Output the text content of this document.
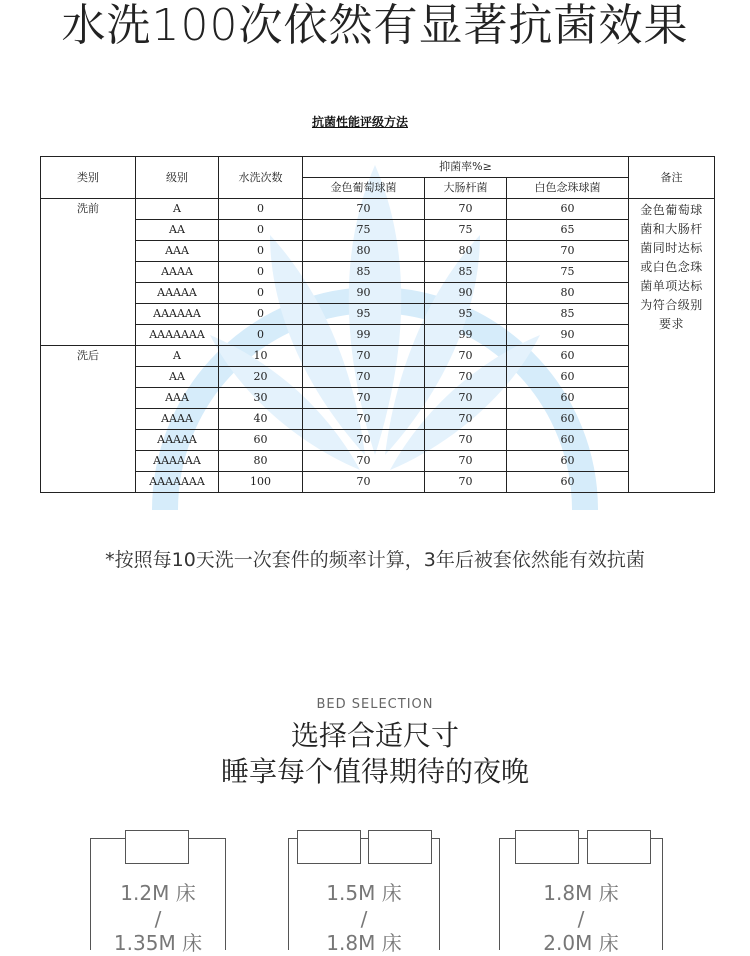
水洗100次依然有显著抗菌效果
抗菌性能评级方法
类别	级别	水洗次数	抑菌率%≥			备注
			金色葡萄球菌	大肠杆菌	白色念珠球菌	
洗前	A	0	70	70	60	金色葡萄球菌和大肠杆菌同时达标或白色念珠菌单项达标为符合级别要求
	AA	0	75	75	65	
	AAA	0	80	80	70	
	AAAA	0	85	85	75	
	AAAAA	0	90	90	80	
	AAAAAA	0	95	95	85	
	AAAAAAA	0	99	99	90	
洗后	A	10	70	70	60	
	AA	20	70	70	60	
	AAA	30	70	70	60	
	AAAA	40	70	70	60	
	AAAAA	60	70	70	60	
	AAAAAA	80	70	70	60	
	AAAAAAA	100	70	70	60	
*按照每10天洗一次套件的频率计算，3年后被套依然能有效抗菌
BED SELECTION
选择合适尺寸
睡享每个值得期待的夜晚
1.2M 床
/
1.35M 床
1.5M 床
/
1.8M 床
1.8M 床
/
2.0M 床
